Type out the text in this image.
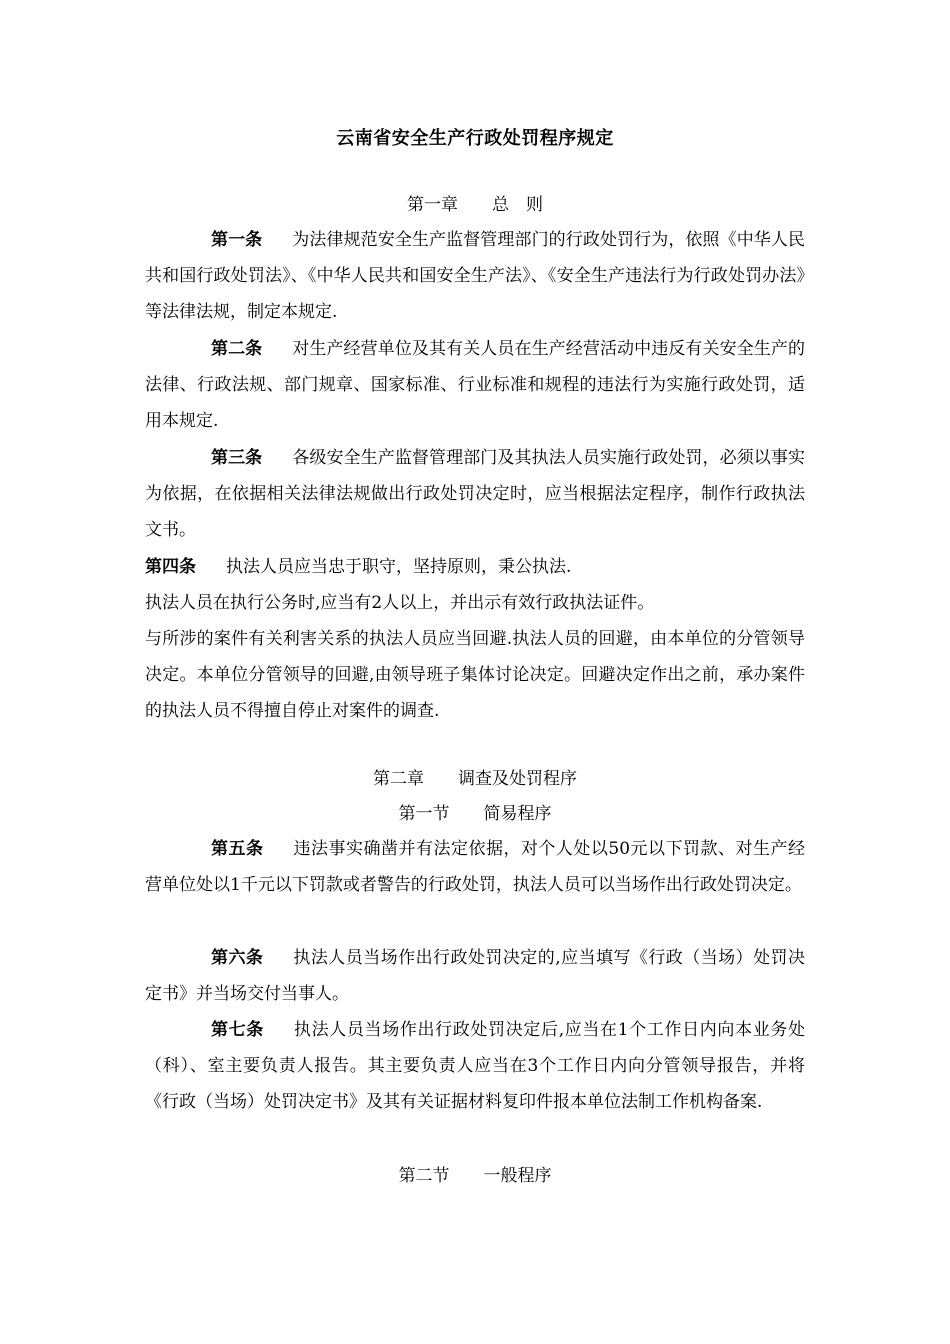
云南省安全生产行政处罚程序规定
第一章 总　则
第一条 为法律规范安全生产监督管理部门的行政处罚行为，依照《中华人民共和国行政处罚法》、《中华人民共和国安全生产法》、《安全生产违法行为行政处罚办法》等法律法规，制定本规定.
第二条 对生产经营单位及其有关人员在生产经营活动中违反有关安全生产的法律、行政法规、部门规章、国家标准、行业标准和规程的违法行为实施行政处罚，适用本规定.
第三条 各级安全生产监督管理部门及其执法人员实施行政处罚，必须以事实为依据，在依据相关法律法规做出行政处罚决定时，应当根据法定程序，制作行政执法文书。
第四条 执法人员应当忠于职守，坚持原则，秉公执法.
执法人员在执行公务时,应当有2人以上，并出示有效行政执法证件。
与所涉的案件有关利害关系的执法人员应当回避.执法人员的回避，由本单位的分管领导决定。本单位分管领导的回避,由领导班子集体讨论决定。回避决定作出之前，承办案件的执法人员不得擅自停止对案件的调查.
第二章 调查及处罚程序
第一节 简易程序
第五条 违法事实确凿并有法定依据，对个人处以50元以下罚款、对生产经营单位处以1千元以下罚款或者警告的行政处罚，执法人员可以当场作出行政处罚决定。
第六条 执法人员当场作出行政处罚决定的,应当填写《行政（当场）处罚决定书》并当场交付当事人。
第七条 执法人员当场作出行政处罚决定后,应当在1个工作日内向本业务处（科）、室主要负责人报告。其主要负责人应当在3个工作日内向分管领导报告，并将《行政（当场）处罚决定书》及其有关证据材料复印件报本单位法制工作机构备案.
第二节 一般程序
